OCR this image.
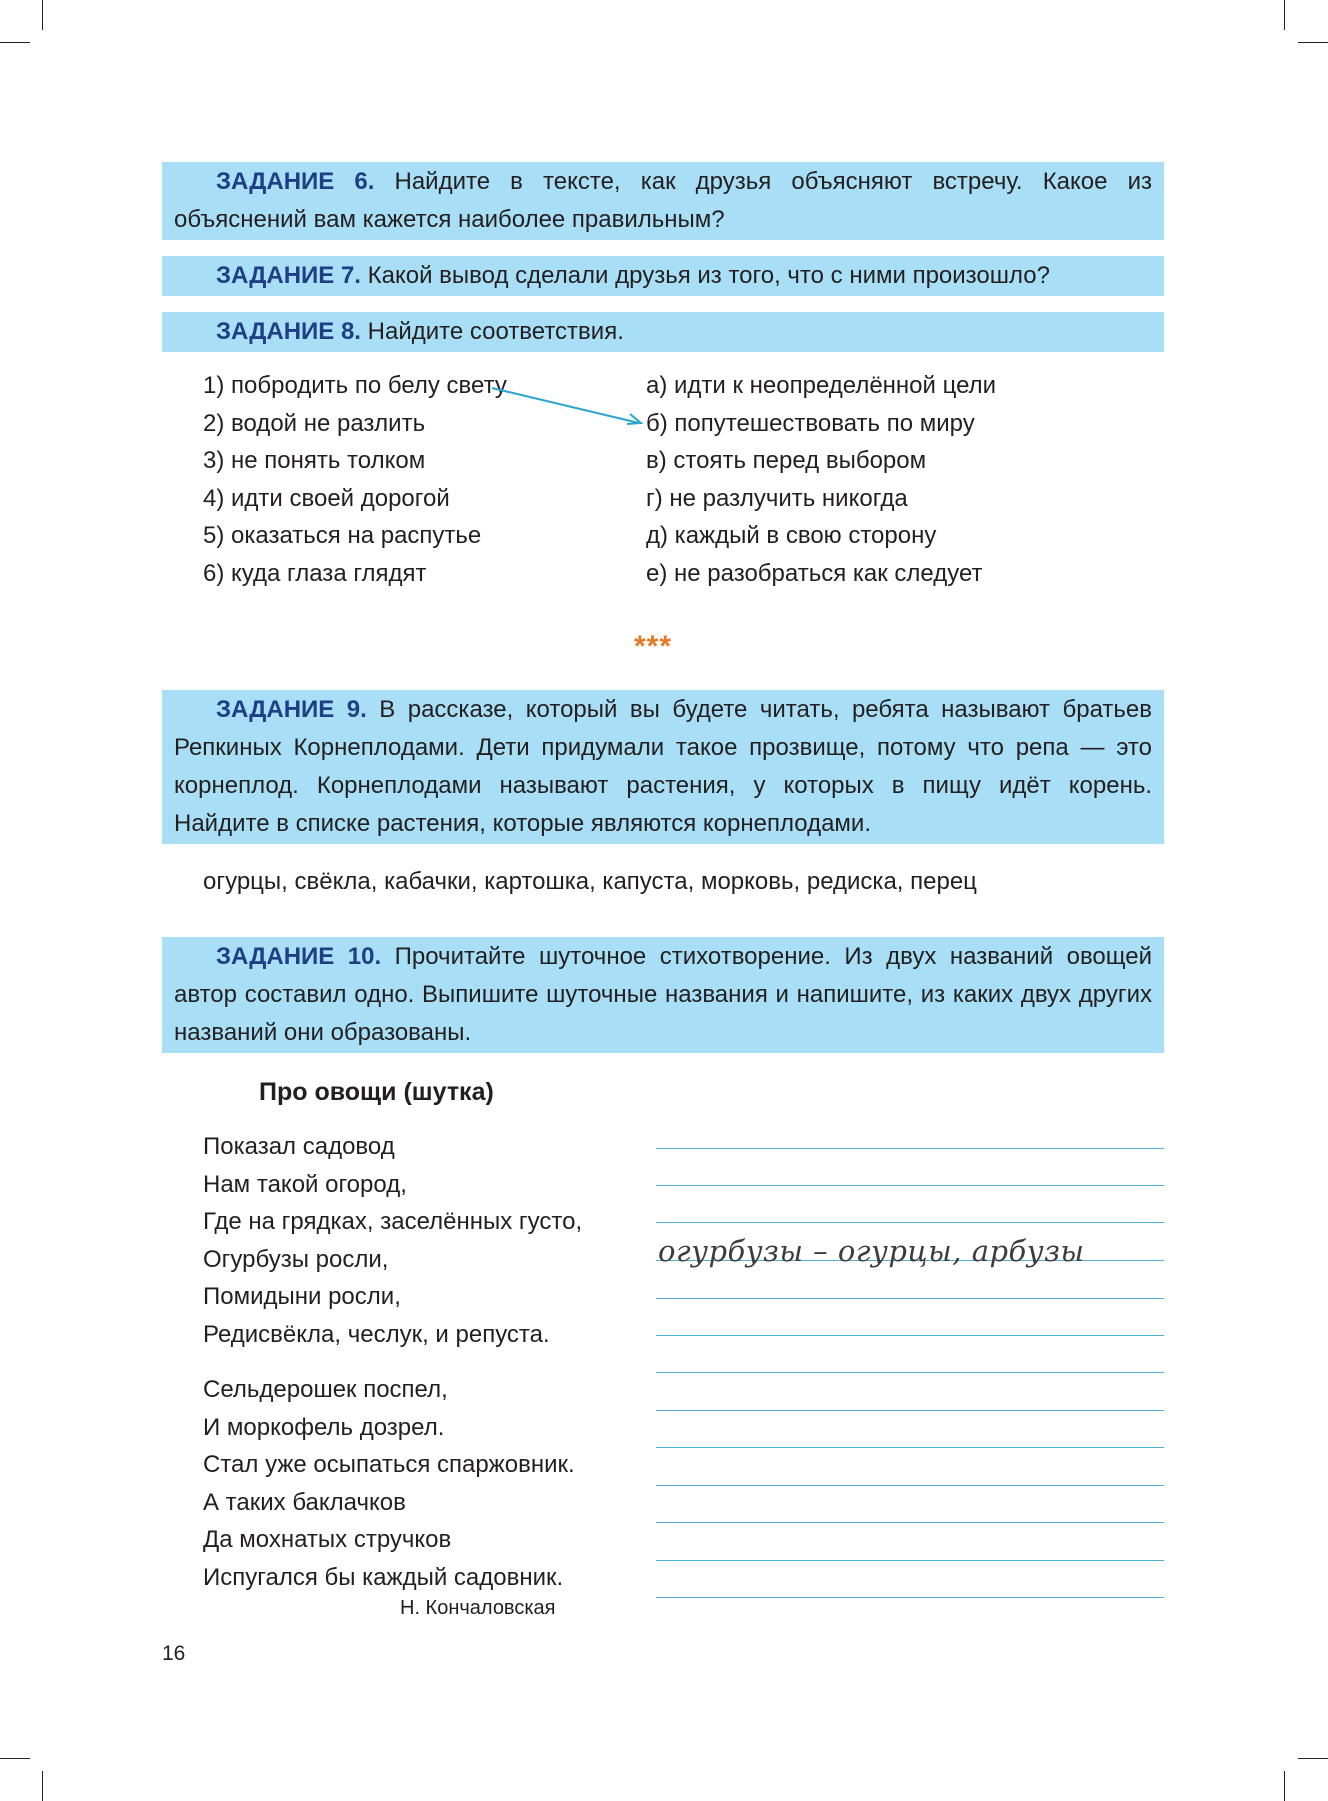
ЗАДАНИЕ 6. Найдите в тексте, как друзья объясняют встречу. Какое из объяснений вам кажется наиболее правильным?
ЗАДАНИЕ 7. Какой вывод сделали друзья из того, что с ними произошло?
ЗАДАНИЕ 8. Найдите соответствия.
1) побродить по белу свету
2) водой не разлить
3) не понять толком
4) идти своей дорогой
5) оказаться на распутье
6) куда глаза глядят
а) идти к неопределённой цели
б) попутешествовать по миру
в) стоять перед выбором
г) не разлучить никогда
д) каждый в свою сторону
е) не разобраться как следует
***
ЗАДАНИЕ 9. В рассказе, который вы будете читать, ребята называют братьев Репкиных Корнеплодами. Дети придумали такое прозвище, потому что репа — это корнеплод. Корнеплодами называют растения, у которых в пищу идёт корень. Найдите в списке растения, которые являются корнеплодами.
огурцы, свёкла, кабачки, картошка, капуста, морковь, редиска, перец
ЗАДАНИЕ 10. Прочитайте шуточное стихотворение. Из двух названий овощей автор составил одно. Выпишите шуточные названия и напишите, из каких двух других названий они образованы.
Про овощи (шутка)
Показал садовод
Нам такой огород,
Где на грядках, заселённых густо,
Огурбузы росли,
Помидыни росли,
Редисвёкла, чеслук, и репуста.
Сельдерошек поспел,
И моркофель дозрел.
Стал уже осыпаться спаржовник.
А таких баклачков
Да мохнатых стручков
Испугался бы каждый садовник.
Н. Кончаловская
огурбузы – огурцы, арбузы
16
